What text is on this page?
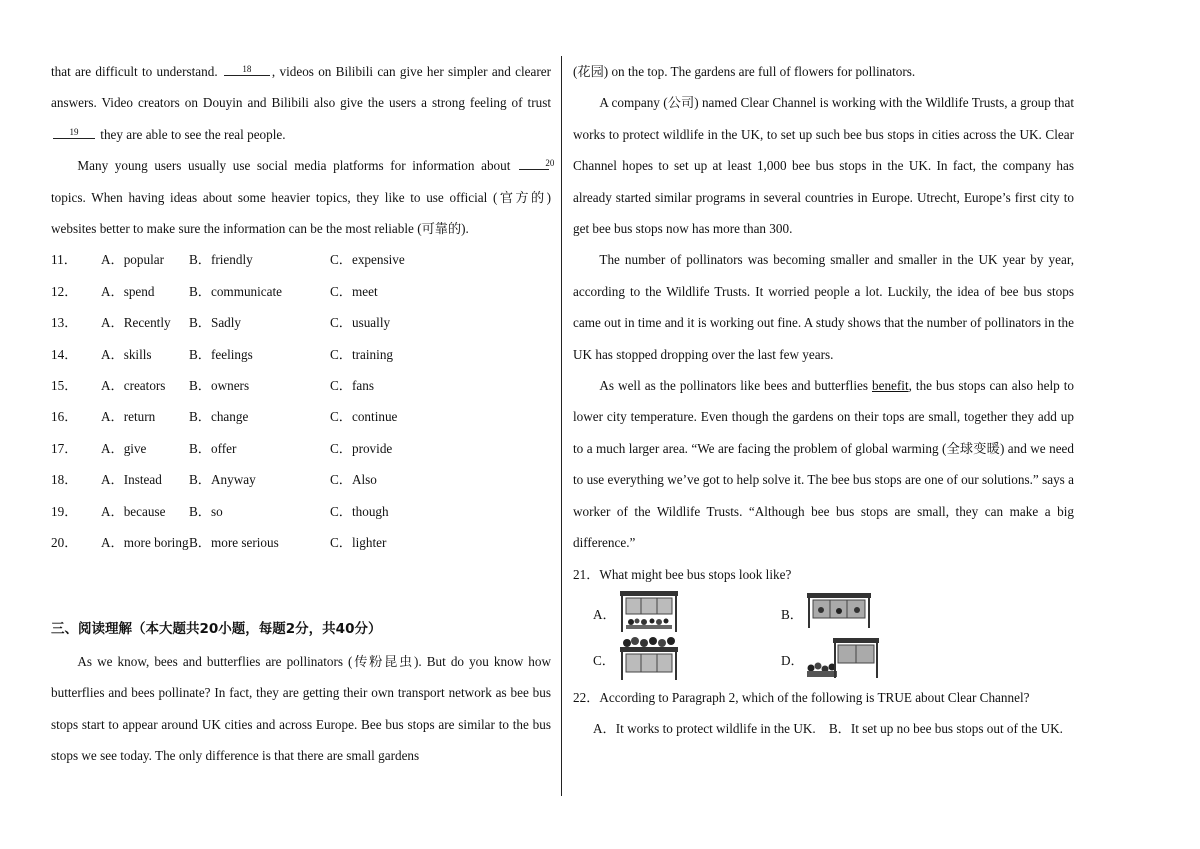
that are difficult to understand. 18 , videos on Bilibili can give her simpler and clearer answers. Video creators on Douyin and Bilibili also give the users a strong feeling of trust 19 they are able to see the real people.

Many young users usually use social media platforms for information about	20 topics. When having ideas about some heavier topics, they like to use official (官方的) websites better to make sure the information can be the most reliable (可靠的).

11． A．popular B．friendly	C．expensive
12． A．spend	B．communicate	C．meet
13． A．Recently B．Sadly	C．usually
14． A．skills	B．feelings	C．training
15． A．creators B．owners	C．fans
16． A．return	B．change	C．continue
17． A．give	B．offer	C．provide
18． A．Instead B．Anyway	C．Also
19． A．because B．so	C．though
20． A．more boring B．more serious	C．lighter

三、阅读理解（本大题共20小题，每题2分，共40分）

As we know, bees and butterflies are pollinators (传粉昆虫). But do you know how butterflies and bees pollinate? In fact, they are getting their own transport network as bee bus stops start to appear around UK cities and across Europe. Bee bus stops are similar to the bus stops we see today. The only difference is that there are small gardens

(花园) on the top. The gardens are full of flowers for pollinators.

A company (公司) named Clear Channel is working with the Wildlife Trusts, a group that works to protect wildlife in the UK, to set up such bee bus stops in cities across the UK. Clear Channel hopes to set up at least 1,000 bee bus stops in the UK. In fact, the company has already started similar programs in several countries in Europe. Utrecht, Europe’s first city to get bee bus stops now has more than 300.

The number of pollinators was becoming smaller and smaller in the UK year by year, according to the Wildlife Trusts. It worried people a lot. Luckily, the idea of bee bus stops came out in time and it is working out fine. A study shows that the number of pollinators in the UK has stopped dropping over the last few years.

As well as the pollinators like bees and butterflies benefit, the bus stops can also help to lower city temperature. Even though the gardens on their tops are small, together they add up to a much larger area. “We are facing the problem of global warming (全球变暖) and we need to use everything we’ve got to help solve it. The bee bus stops are one of our solutions.” says a worker of the Wildlife Trusts. “Although bee bus stops are small, they can make a big difference.”

21．What might bee bus stops look like?

A．	B．
C．	D．

22．According to Paragraph 2, which of the following is TRUE about Clear Channel?

A．It works to protect wildlife in the UK. B．It set up no bee bus stops out of the UK.
